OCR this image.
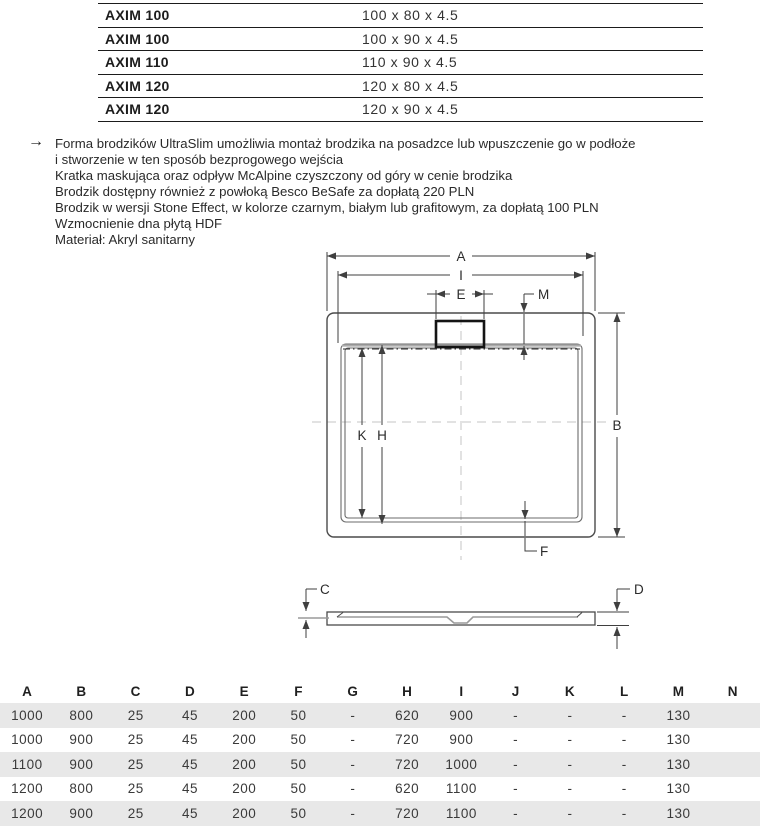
AXIM 100	100 x 80 x 4.5
AXIM 100	100 x 90 x 4.5
AXIM 110	110 x 90 x 4.5
AXIM 120	120 x 80 x 4.5
AXIM 120	120 x 90 x 4.5
→ Forma brodzików UltraSlim umożliwia montaż brodzika na posadzce lub wpuszczenie go w podłoże
i stworzenie w ten sposób bezprogowego wejścia
Kratka maskująca oraz odpływ McAlpine czyszczony od góry w cenie brodzika
Brodzik dostępny również z powłoką Besco BeSafe za dopłatą 220 PLN
Brodzik w wersji Stone Effect, w kolorze czarnym, białym lub grafitowym, za dopłatą 100 PLN
Wzmocnienie dna płytą HDF
Materiał: Akryl sanitarny
A
I
E	M
B
K H
F
C	D
A	B	C	D	E	F	G	H	I	J	K	L	M	N
1000	800	25	45	200	50	-	620	900	-	-	-	130	
1000	900	25	45	200	50	-	720	900	-	-	-	130	
1100	900	25	45	200	50	-	720	1000	-	-	-	130	
1200	800	25	45	200	50	-	620	1100	-	-	-	130	
1200	900	25	45	200	50	-	720	1100	-	-	-	130	
